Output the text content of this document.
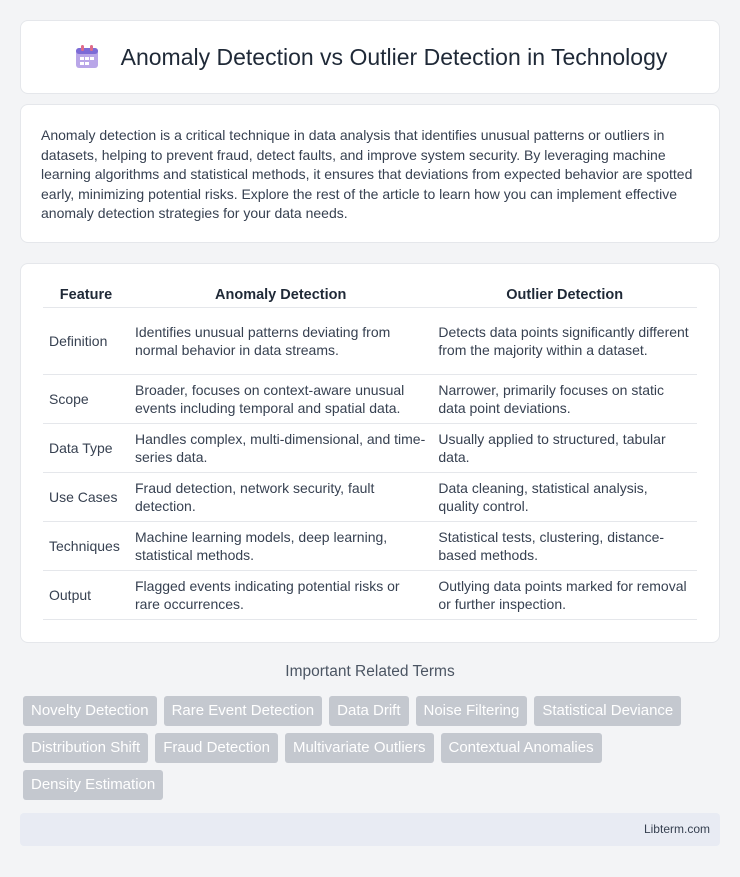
Anomaly Detection vs Outlier Detection in Technology

Anomaly detection is a critical technique in data analysis that identifies unusual patterns or outliers in datasets, helping to prevent fraud, detect faults, and improve system security. By leveraging machine learning algorithms and statistical methods, it ensures that deviations from expected behavior are spotted early, minimizing potential risks. Explore the rest of the article to learn how you can implement effective anomaly detection strategies for your data needs.

Feature	Anomaly Detection	Outlier Detection
Definition	Identifies unusual patterns deviating from normal behavior in data streams.	Detects data points significantly different from the majority within a dataset.
Scope	Broader, focuses on context-aware unusual events including temporal and spatial data.	Narrower, primarily focuses on static data point deviations.
Data Type	Handles complex, multi-dimensional, and time-series data.	Usually applied to structured, tabular data.
Use Cases	Fraud detection, network security, fault detection.	Data cleaning, statistical analysis, quality control.
Techniques	Machine learning models, deep learning, statistical methods.	Statistical tests, clustering, distance-based methods.
Output	Flagged events indicating potential risks or rare occurrences.	Outlying data points marked for removal or further inspection.
Important Related Terms
Novelty Detection	Rare Event Detection	Data Drift	Noise Filtering	Statistical Deviance
Distribution Shift	Fraud Detection	Multivariate Outliers	Contextual Anomalies
Density Estimation
Libterm.com
